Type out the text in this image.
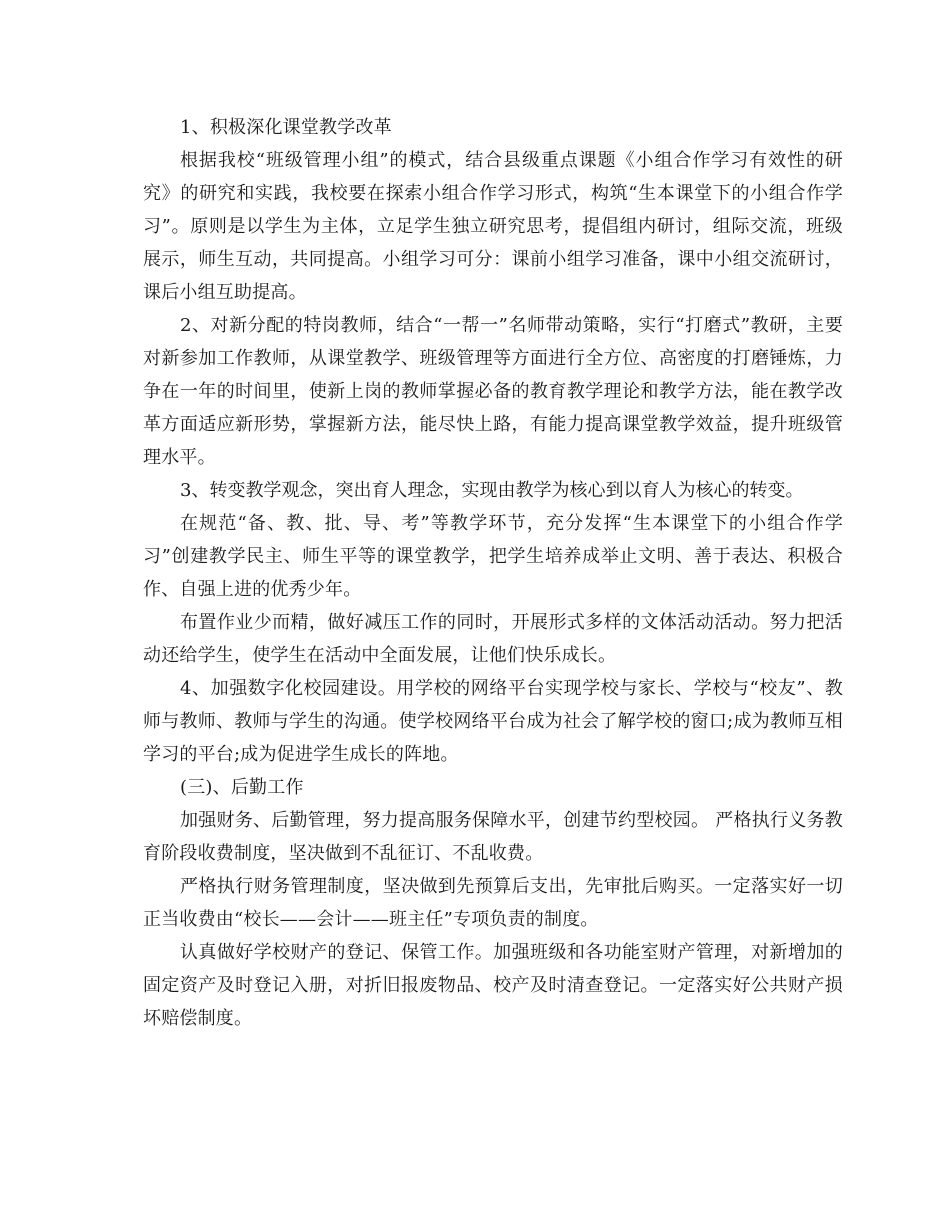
1、积极深化课堂教学改革

根据我校“班级管理小组”的模式，结合县级重点课题《小组合作学习有效性的研究》的研究和实践，我校要在探索小组合作学习形式，构筑“生本课堂下的小组合作学习”。原则是以学生为主体，立足学生独立研究思考，提倡组内研讨，组际交流，班级展示，师生互动，共同提高。小组学习可分：课前小组学习准备，课中小组交流研讨，课后小组互助提高。

2、对新分配的特岗教师，结合“一帮一”名师带动策略，实行“打磨式”教研，主要对新参加工作教师，从课堂教学、班级管理等方面进行全方位、高密度的打磨锤炼，力争在一年的时间里，使新上岗的教师掌握必备的教育教学理论和教学方法，能在教学改革方面适应新形势，掌握新方法，能尽快上路，有能力提高课堂教学效益，提升班级管理水平。

3、转变教学观念，突出育人理念，实现由教学为核心到以育人为核心的转变。

在规范“备、教、批、导、考”等教学环节，充分发挥“生本课堂下的小组合作学习”创建教学民主、师生平等的课堂教学，把学生培养成举止文明、善于表达、积极合作、自强上进的优秀少年。

布置作业少而精，做好减压工作的同时，开展形式多样的文体活动活动。努力把活动还给学生，使学生在活动中全面发展，让他们快乐成长。

4、加强数字化校园建设。用学校的网络平台实现学校与家长、学校与“校友”、教师与教师、教师与学生的沟通。使学校网络平台成为社会了解学校的窗口;成为教师互相学习的平台;成为促进学生成长的阵地。

(三)、后勤工作

加强财务、后勤管理，努力提高服务保障水平，创建节约型校园。 严格执行义务教育阶段收费制度，坚决做到不乱征订、不乱收费。

严格执行财务管理制度，坚决做到先预算后支出，先审批后购买。一定落实好一切正当收费由“校长——会计——班主任”专项负责的制度。

认真做好学校财产的登记、保管工作。加强班级和各功能室财产管理，对新增加的固定资产及时登记入册，对折旧报废物品、校产及时清查登记。一定落实好公共财产损坏赔偿制度。
